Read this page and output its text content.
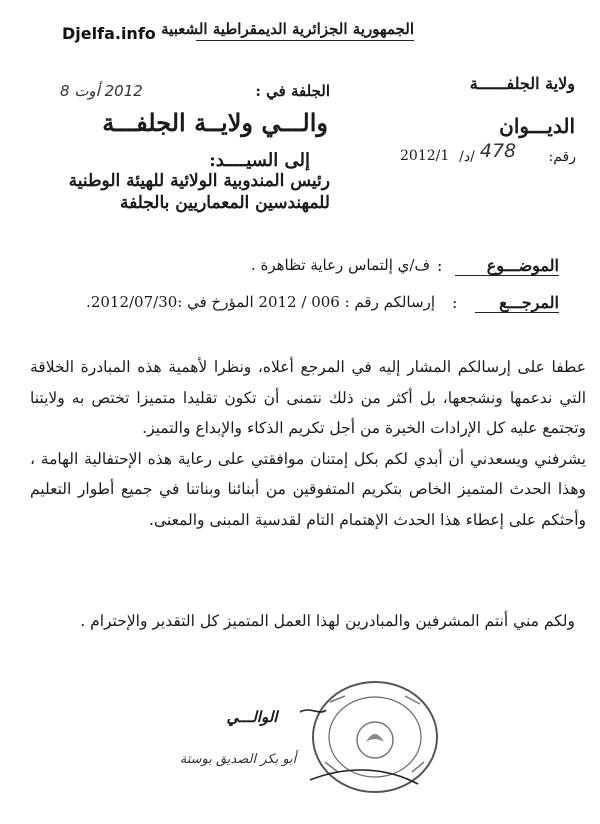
Djelfa.info الجمهورية الجزائرية الديمقراطية الشعبية
ولاية الجلفــــــة
الديـــوان
رقم:
478
/د/
2012/1
الجلفة في :
2012 أوت 8
والـــي ولايــة الجلفـــة
إلى السيــــد:
رئيس المندوبية الولائية للهيئة الوطنية
للمهندسين المعماريين بالجلفة
الموضـــوع
:
ف/ي إلتماس رعاية تظاهرة .
المرجـــع
:
إرسالكم رقم : 006 / 2012 المؤرخ في :2012/07/30.

عطفا على إرسالكم المشار إليه في المرجع أعلاه، ونظرا لأهمية هذه المبادرة الخلاقة التي ندعمها ونشجعها، بل أكثر من ذلك نتمنى أن تكون تقليدا متميزا تختص به ولايتنا وتجتمع عليه كل الإرادات الخيرة من أجل تكريم الذكاء والإبداع والتميز.

يشرفني ويسعدني أن أبدي لكم بكل إمتنان موافقتي على رعاية هذه الإحتفالية الهامة ، وهذا الحدث المتميز الخاص بتكريم المتفوقين من أبنائنا وبناتنا في جميع أطوار التعليم وأحثكم على إعطاء هذا الحدث الإهتمام التام لقدسية المبنى والمعنى.

ولكم مني أنتم المشرفين والمبادرين لهذا العمل المتميز كل التقدير والإحترام .
الوالـــي
أبو بكر الصديق بوستة
